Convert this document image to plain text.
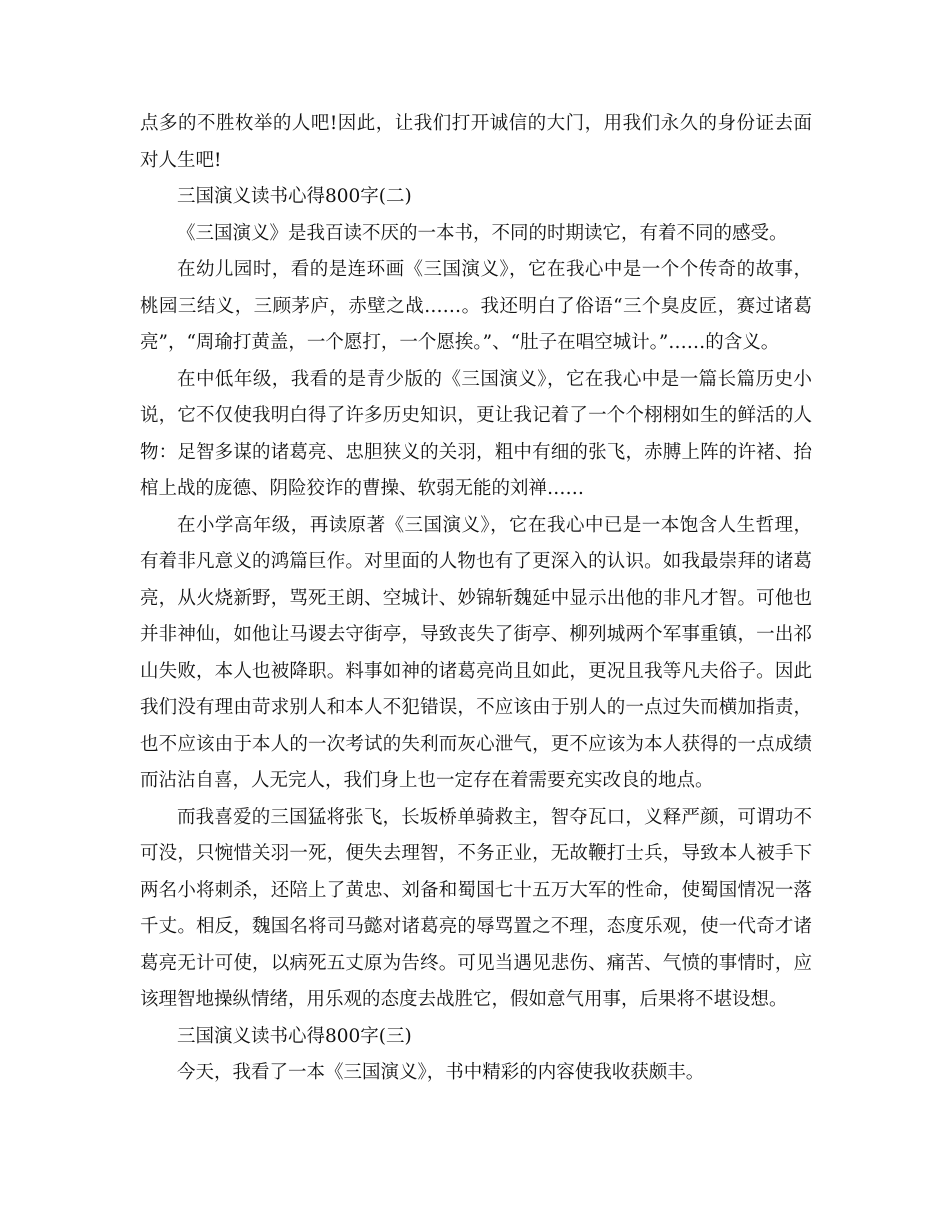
点多的不胜枚举的人吧!因此，让我们打开诚信的大门，用我们永久的身份证去面对人生吧!

三国演义读书心得800字(二)

《三国演义》是我百读不厌的一本书，不同的时期读它，有着不同的感受。

在幼儿园时，看的是连环画《三国演义》，它在我心中是一个个传奇的故事，桃园三结义，三顾茅庐，赤壁之战……。我还明白了俗语“三个臭皮匠，赛过诸葛亮”，“周瑜打黄盖，一个愿打，一个愿挨。”、“肚子在唱空城计。”……的含义。

在中低年级，我看的是青少版的《三国演义》，它在我心中是一篇长篇历史小说，它不仅使我明白得了许多历史知识，更让我记着了一个个栩栩如生的鲜活的人物：足智多谋的诸葛亮、忠胆狭义的关羽，粗中有细的张飞，赤膊上阵的许褚、抬棺上战的庞德、阴险狡诈的曹操、软弱无能的刘禅……

在小学高年级，再读原著《三国演义》，它在我心中已是一本饱含人生哲理，有着非凡意义的鸿篇巨作。对里面的人物也有了更深入的认识。如我最崇拜的诸葛亮，从火烧新野，骂死王朗、空城计、妙锦斩魏延中显示出他的非凡才智。可他也并非神仙，如他让马谡去守街亭，导致丧失了街亭、柳列城两个军事重镇，一出祁山失败，本人也被降职。料事如神的诸葛亮尚且如此，更况且我等凡夫俗子。因此我们没有理由苛求别人和本人不犯错误，不应该由于别人的一点过失而横加指责，也不应该由于本人的一次考试的失利而灰心泄气，更不应该为本人获得的一点成绩而沾沾自喜，人无完人，我们身上也一定存在着需要充实改良的地点。

而我喜爱的三国猛将张飞，长坂桥单骑救主，智夺瓦口，义释严颜，可谓功不可没，只惋惜关羽一死，便失去理智，不务正业，无故鞭打士兵，导致本人被手下两名小将刺杀，还陪上了黄忠、刘备和蜀国七十五万大军的性命，使蜀国情况一落千丈。相反，魏国名将司马懿对诸葛亮的辱骂置之不理，态度乐观，使一代奇才诸葛亮无计可使，以病死五丈原为告终。可见当遇见悲伤、痛苦、气愤的事情时，应该理智地操纵情绪，用乐观的态度去战胜它，假如意气用事，后果将不堪设想。

三国演义读书心得800字(三)

今天，我看了一本《三国演义》，书中精彩的内容使我收获颇丰。
